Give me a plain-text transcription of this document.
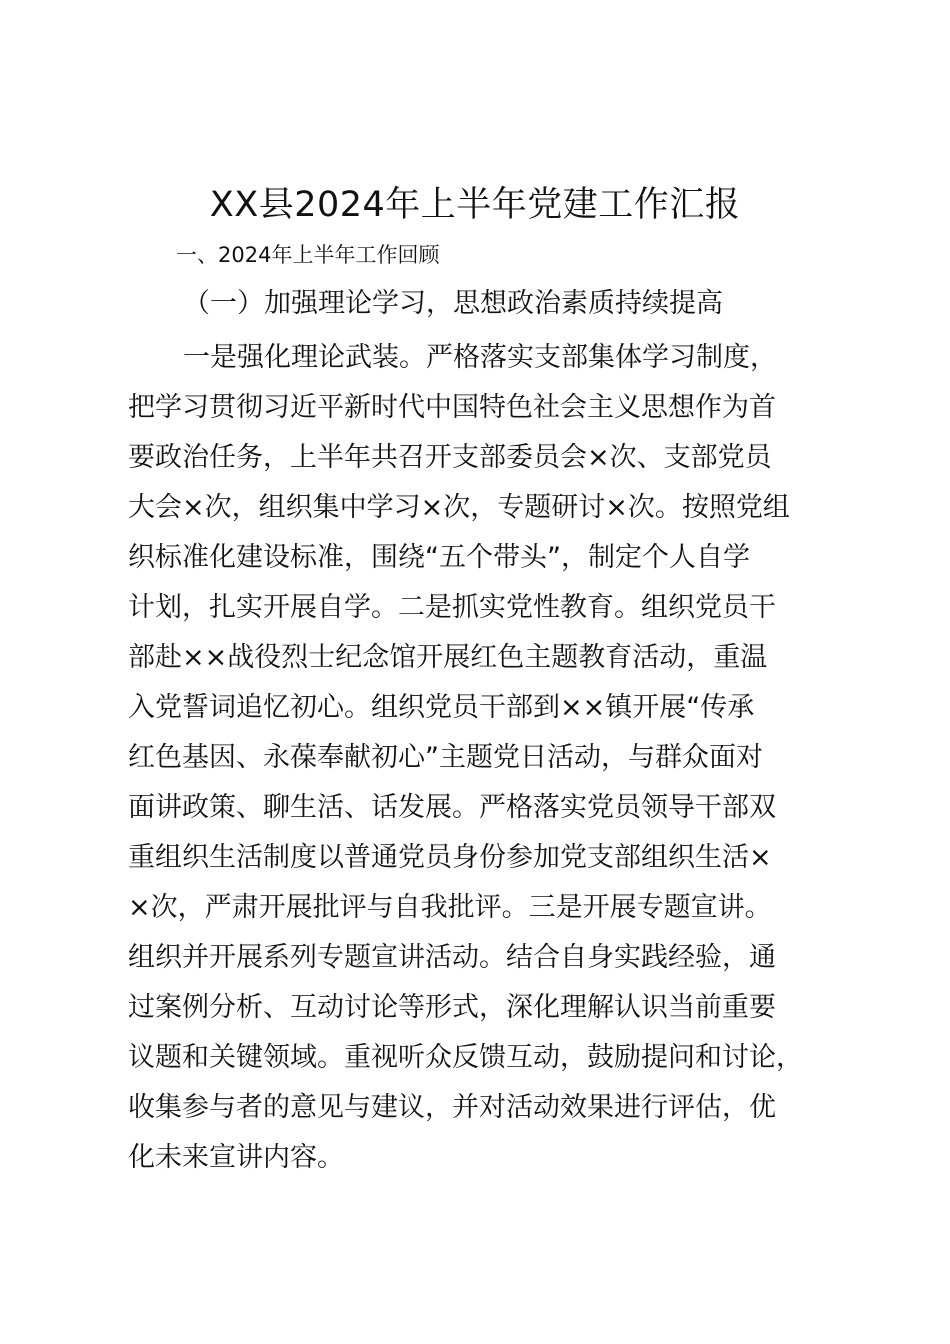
XX县2024年上半年党建工作汇报
一、2024年上半年工作回顾
（一）加强理论学习，思想政治素质持续提高
一是强化理论武装。严格落实支部集体学习制度，
把学习贯彻习近平新时代中国特色社会主义思想作为首
要政治任务，上半年共召开支部委员会×次、支部党员
大会×次，组织集中学习×次，专题研讨×次。按照党组
织标准化建设标准，围绕“五个带头”，制定个人自学
计划，扎实开展自学。二是抓实党性教育。组织党员干
部赴××战役烈士纪念馆开展红色主题教育活动，重温
入党誓词追忆初心。组织党员干部到××镇开展“传承
红色基因、永葆奉献初心”主题党日活动，与群众面对
面讲政策、聊生活、话发展。严格落实党员领导干部双
重组织生活制度以普通党员身份参加党支部组织生活×
×次，严肃开展批评与自我批评。三是开展专题宣讲。
组织并开展系列专题宣讲活动。结合自身实践经验，通
过案例分析、互动讨论等形式，深化理解认识当前重要
议题和关键领域。重视听众反馈互动，鼓励提问和讨论，
收集参与者的意见与建议，并对活动效果进行评估，优
化未来宣讲内容。
